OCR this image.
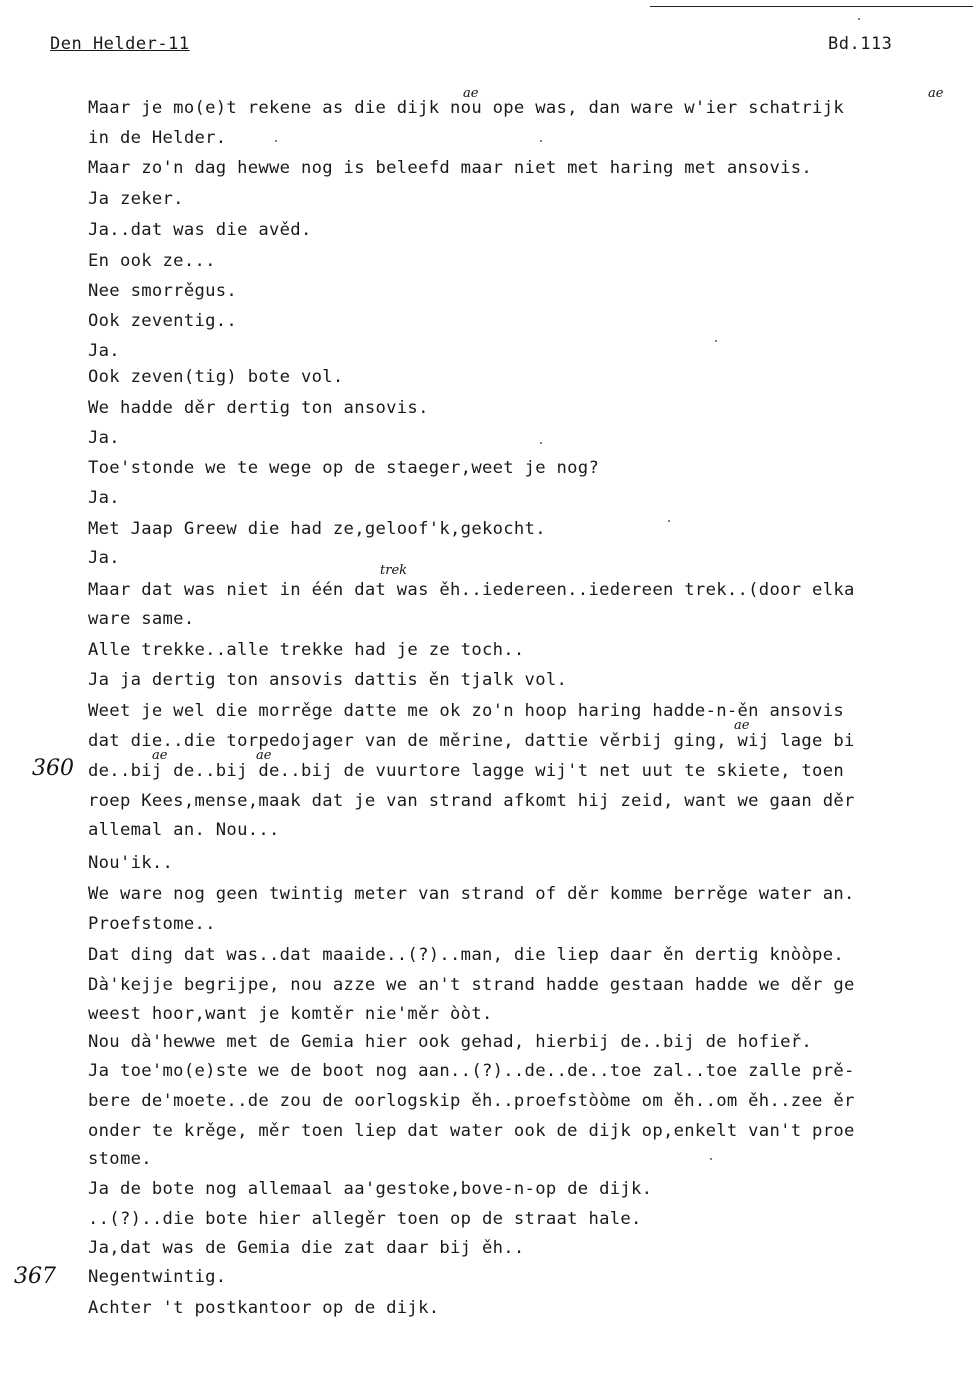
Den Helder-11	Bd.113
ae	ae
trek
ae
ae	ae
360
367
Maar je mo(e)t rekene as die dijk nou ope was, dan ware w'ier schatrijk
in de Helder.
Maar zo'n dag hewwe nog is beleefd maar niet met haring met ansovis.
Ja zeker.
Ja..dat was die avěd.
En ook ze...
Nee smorrěgus.
Ook zeventig..
Ja.
Ook zeven(tig) bote vol.
We hadde děr dertig ton ansovis.
Ja.
Toe'stonde we te wege op de staeger,weet je nog?
Ja.
Met Jaap Greew die had ze,geloof'k,gekocht.
Ja.
Maar dat was niet in één dat was ěh..iedereen..iedereen trek..(door elka
ware same.
Alle trekke..alle trekke had je ze toch..
Ja ja dertig ton ansovis dattis ěn tjalk vol.
Weet je wel die morrěge datte me ok zo'n hoop haring hadde-n-ěn ansovis
dat die..die torpedojager van de měrine, dattie věrbij ging, wij lage bi
de..bij de..bij de..bij de vuurtore lagge wij't net uut te skiete, toen
roep Kees,mense,maak dat je van strand afkomt hij zeid, want we gaan děr
allemal an. Nou...
Nou'ik..
We ware nog geen twintig meter van strand of děr komme berrěge water an.
Proefstome..
Dat ding dat was..dat maaide..(?)..man, die liep daar ěn dertig knòòpe.
Dà'kejje begrijpe, nou azze we an't strand hadde gestaan hadde we děr ge
weest hoor,want je komtěr nie'měr òòt.
Nou dà'hewwe met de Gemia hier ook gehad, hierbij de..bij de hofieř.
Ja toe'mo(e)ste we de boot nog aan..(?)..de..de..toe zal..toe zalle prě-
bere de'moete..de zou de oorlogskip ěh..proefstòòme om ěh..om ěh..zee ěr
onder te krěge, měr toen liep dat water ook de dijk op,enkelt van't proe
stome.
Ja de bote nog allemaal aa'gestoke,bove-n-op de dijk.
..(?)..die bote hier allegěr toen op de straat hale.
Ja,dat was de Gemia die zat daar bij ěh..
Negentwintig.
Achter 't postkantoor op de dijk.
